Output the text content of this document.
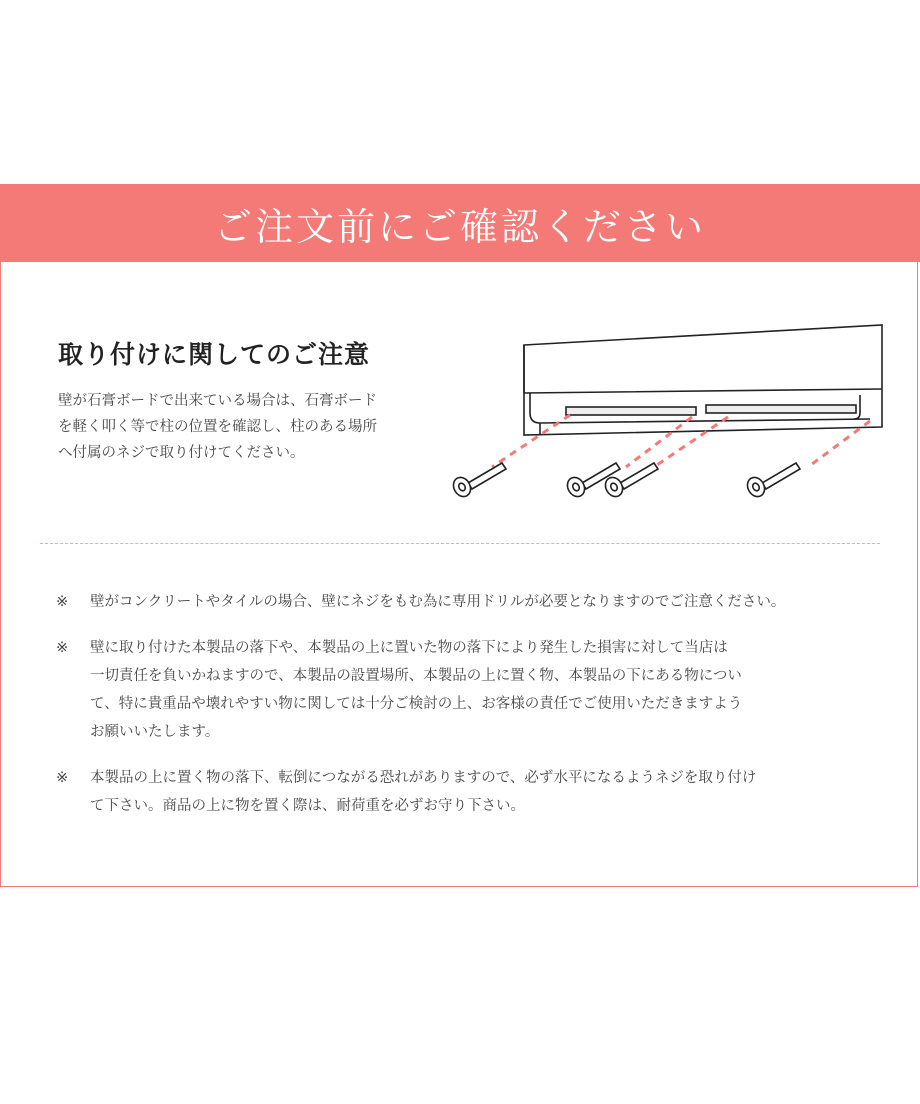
ご注文前にご確認ください
取り付けに関してのご注意
壁が石膏ボードで出来ている場合は、石膏ボード
を軽く叩く等で柱の位置を確認し、柱のある場所
へ付属のネジで取り付けてください。
※	壁がコンクリートやタイルの場合、壁にネジをもむ為に専用ドリルが必要となりますのでご注意ください。
※	壁に取り付けた本製品の落下や、本製品の上に置いた物の落下により発生した損害に対して当店は
一切責任を負いかねますので、本製品の設置場所、本製品の上に置く物、本製品の下にある物につい
て、特に貴重品や壊れやすい物に関しては十分ご検討の上、お客様の責任でご使用いただきますよう
お願いいたします。
※	本製品の上に置く物の落下、転倒につながる恐れがありますので、必ず水平になるようネジを取り付け
て下さい。商品の上に物を置く際は、耐荷重を必ずお守り下さい。
